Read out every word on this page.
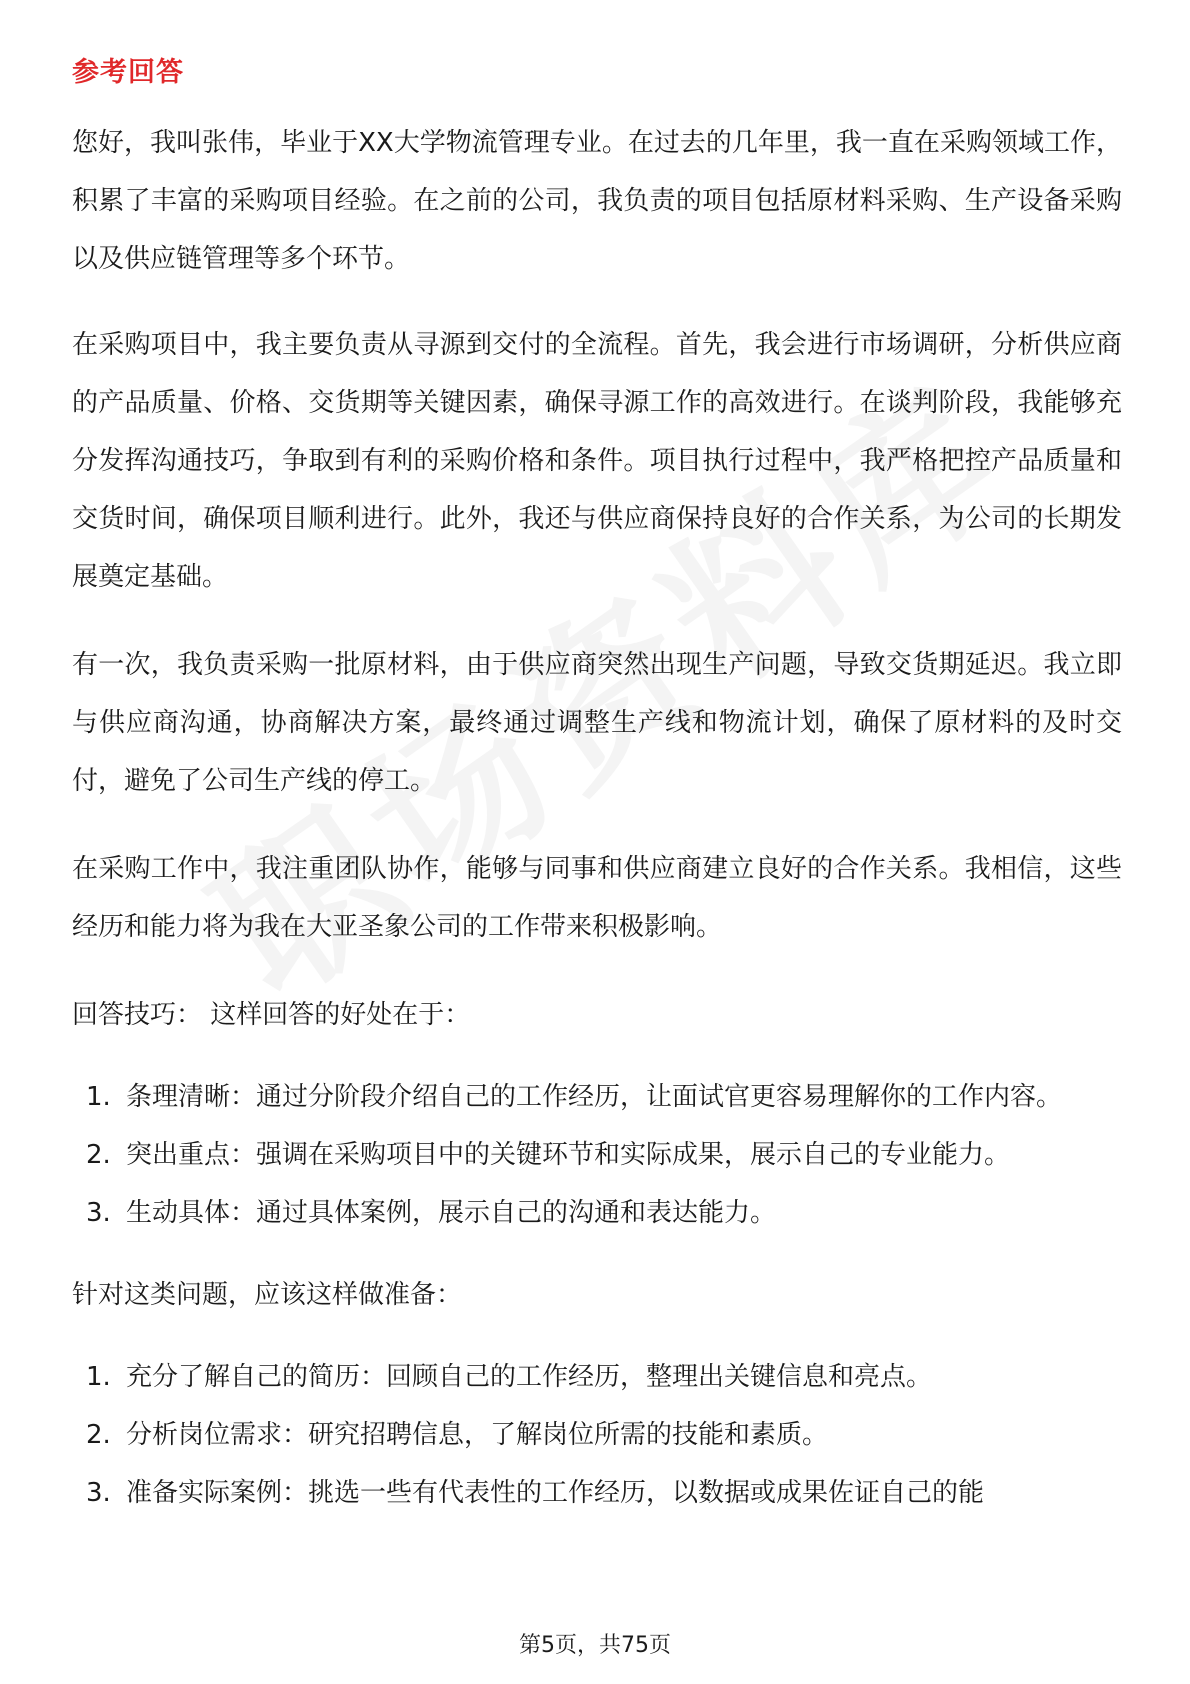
参考回答

您好，我叫张伟，毕业于XX大学物流管理专业。在过去的几年里，我一直在采购领域工作，积累了丰富的采购项目经验。在之前的公司，我负责的项目包括原材料采购、生产设备采购以及供应链管理等多个环节。

在采购项目中，我主要负责从寻源到交付的全流程。首先，我会进行市场调研，分析供应商的产品质量、价格、交货期等关键因素，确保寻源工作的高效进行。在谈判阶段，我能够充分发挥沟通技巧，争取到有利的采购价格和条件。项目执行过程中，我严格把控产品质量和交货时间，确保项目顺利进行。此外，我还与供应商保持良好的合作关系，为公司的长期发展奠定基础。

有一次，我负责采购一批原材料，由于供应商突然出现生产问题，导致交货期延迟。我立即与供应商沟通，协商解决方案，最终通过调整生产线和物流计划，确保了原材料的及时交付，避免了公司生产线的停工。

在采购工作中，我注重团队协作，能够与同事和供应商建立良好的合作关系。我相信，这些经历和能力将为我在大亚圣象公司的工作带来积极影响。

回答技巧： 这样回答的好处在于：
1. 条理清晰：通过分阶段介绍自己的工作经历，让面试官更容易理解你的工作内容。
2. 突出重点：强调在采购项目中的关键环节和实际成果，展示自己的专业能力。
3. 生动具体：通过具体案例，展示自己的沟通和表达能力。
针对这类问题，应该这样做准备：
1. 充分了解自己的简历：回顾自己的工作经历，整理出关键信息和亮点。
2. 分析岗位需求：研究招聘信息，了解岗位所需的技能和素质。
3. 准备实际案例：挑选一些有代表性的工作经历，以数据或成果佐证自己的能
第5页，共75页
